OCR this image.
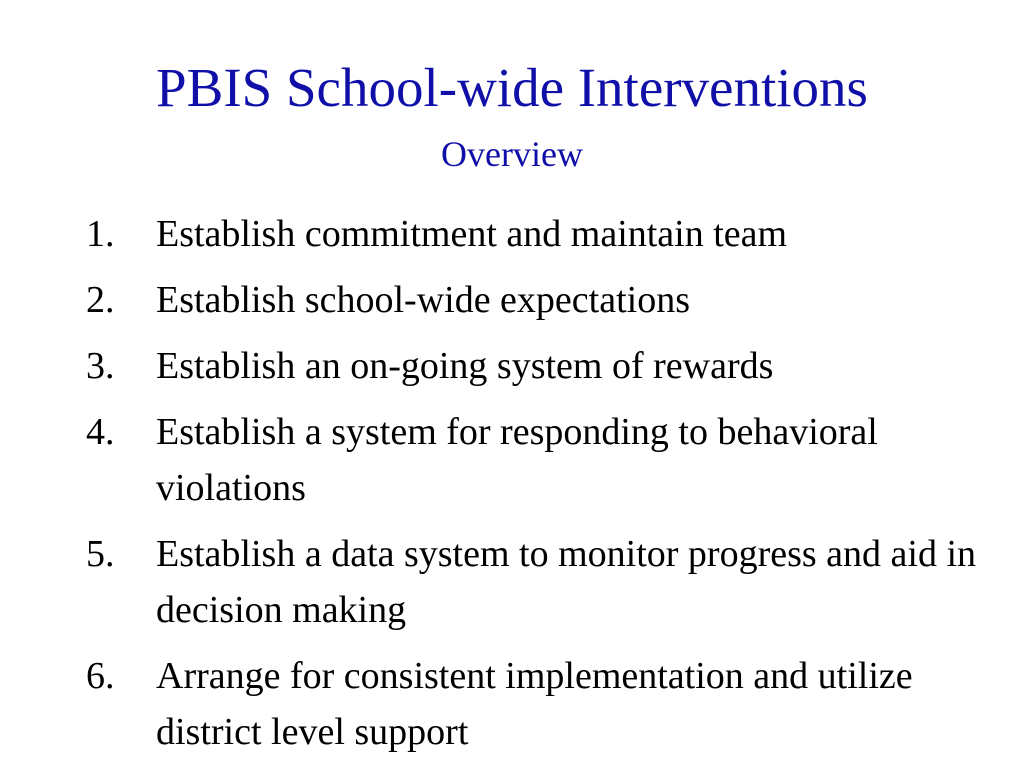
PBIS School-wide Interventions
Overview
1.	Establish commitment and maintain team
2.	Establish school-wide expectations
3.	Establish an on-going system of rewards
4.	Establish a system for responding to behavioral violations
5.	Establish a data system to monitor progress and aid in decision making
6.	Arrange for consistent implementation and utilize district level support
